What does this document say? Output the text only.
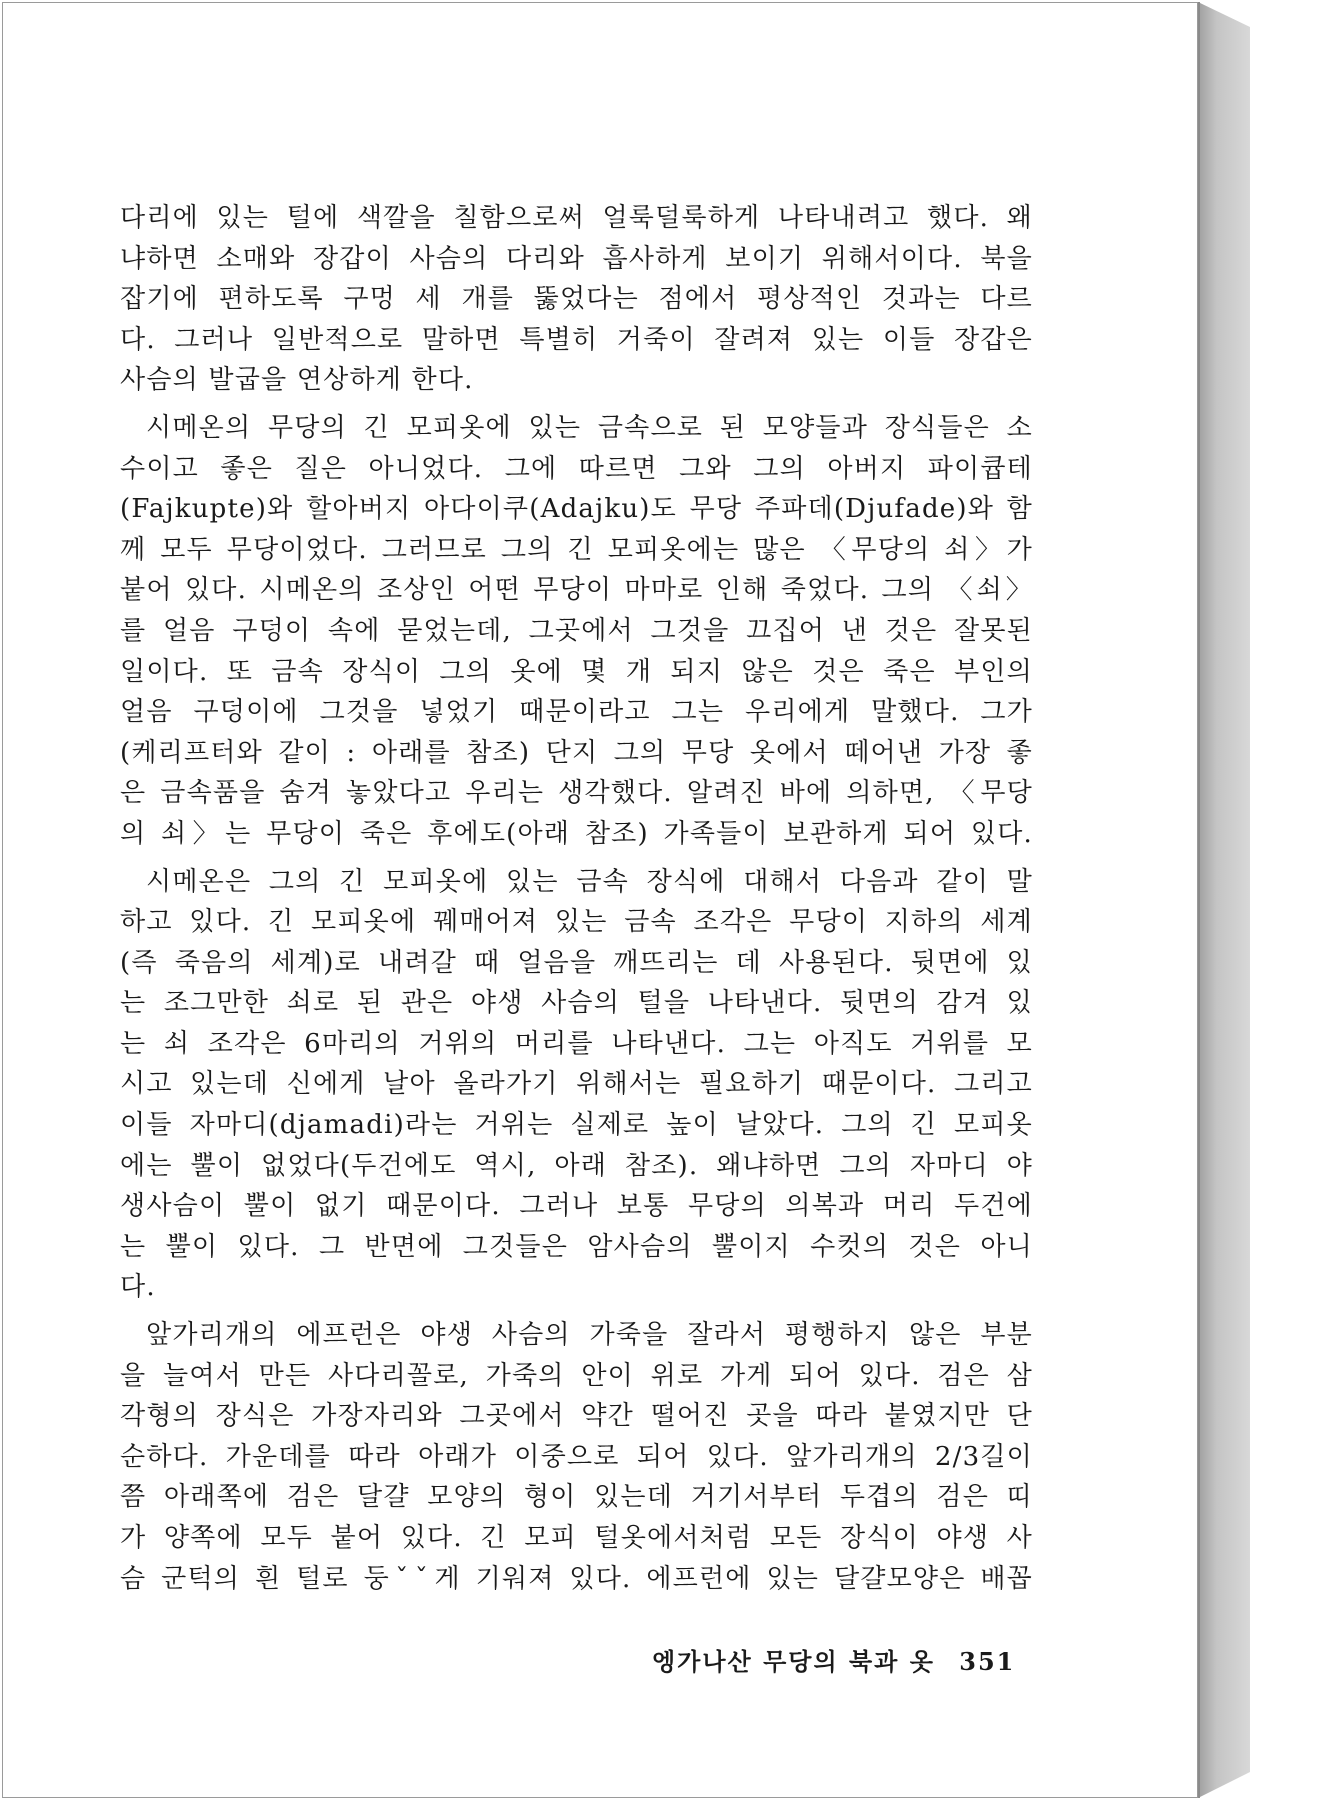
다리에 있는 털에 색깔을 칠함으로써 얼룩덜룩하게 나타내려고 했다. 왜
냐하면 소매와 장갑이 사슴의 다리와 흡사하게 보이기 위해서이다. 북을
잡기에 편하도록 구멍 세 개를 뚫었다는 점에서 평상적인 것과는 다르
다. 그러나 일반적으로 말하면 특별히 거죽이 잘려져 있는 이들 장갑은
사슴의 발굽을 연상하게 한다.
시메온의 무당의 긴 모피옷에 있는 금속으로 된 모양들과 장식들은 소
수이고 좋은 질은 아니었다. 그에 따르면 그와 그의 아버지 파이큡테
(Fajkupte)와 할아버지 아다이쿠(Adajku)도 무당 주파데(Djufade)와 함
께 모두 무당이었다. 그러므로 그의 긴 모피옷에는 많은 〈무당의 쇠〉가
붙어 있다. 시메온의 조상인 어떤 무당이 마마로 인해 죽었다. 그의 〈쇠〉
를 얼음 구덩이 속에 묻었는데, 그곳에서 그것을 끄집어 낸 것은 잘못된
일이다. 또 금속 장식이 그의 옷에 몇 개 되지 않은 것은 죽은 부인의
얼음 구덩이에 그것을 넣었기 때문이라고 그는 우리에게 말했다. 그가
(케리프터와 같이 : 아래를 참조) 단지 그의 무당 옷에서 떼어낸 가장 좋
은 금속품을 숨겨 놓았다고 우리는 생각했다. 알려진 바에 의하면, 〈무당
의 쇠〉는 무당이 죽은 후에도(아래 참조) 가족들이 보관하게 되어 있다.
시메온은 그의 긴 모피옷에 있는 금속 장식에 대해서 다음과 같이 말
하고 있다. 긴 모피옷에 꿰매어져 있는 금속 조각은 무당이 지하의 세계
(즉 죽음의 세계)로 내려갈 때 얼음을 깨뜨리는 데 사용된다. 뒷면에 있
는 조그만한 쇠로 된 관은 야생 사슴의 털을 나타낸다. 뒷면의 감겨 있
는 쇠 조각은 6마리의 거위의 머리를 나타낸다. 그는 아직도 거위를 모
시고 있는데 신에게 날아 올라가기 위해서는 필요하기 때문이다. 그리고
이들 자마디(djamadi)라는 거위는 실제로 높이 날았다. 그의 긴 모피옷
에는 뿔이 없었다(두건에도 역시, 아래 참조). 왜냐하면 그의 자마디 야
생사슴이 뿔이 없기 때문이다. 그러나 보통 무당의 의복과 머리 두건에
는 뿔이 있다. 그 반면에 그것들은 암사슴의 뿔이지 수컷의 것은 아니
다.
앞가리개의 에프런은 야생 사슴의 가죽을 잘라서 평행하지 않은 부분
을 늘여서 만든 사다리꼴로, 가죽의 안이 위로 가게 되어 있다. 검은 삼
각형의 장식은 가장자리와 그곳에서 약간 떨어진 곳을 따라 붙였지만 단
순하다. 가운데를 따라 아래가 이중으로 되어 있다. 앞가리개의 2/3길이
쯤 아래쪽에 검은 달걀 모양의 형이 있는데 거기서부터 두겹의 검은 띠
가 양쪽에 모두 붙어 있다. 긴 모피 털옷에서처럼 모든 장식이 야생 사
슴 군턱의 흰 털로 둥ˇˇ게 기워져 있다. 에프런에 있는 달걀모양은 배꼽
엥가나산 무당의 북과 옷 351
